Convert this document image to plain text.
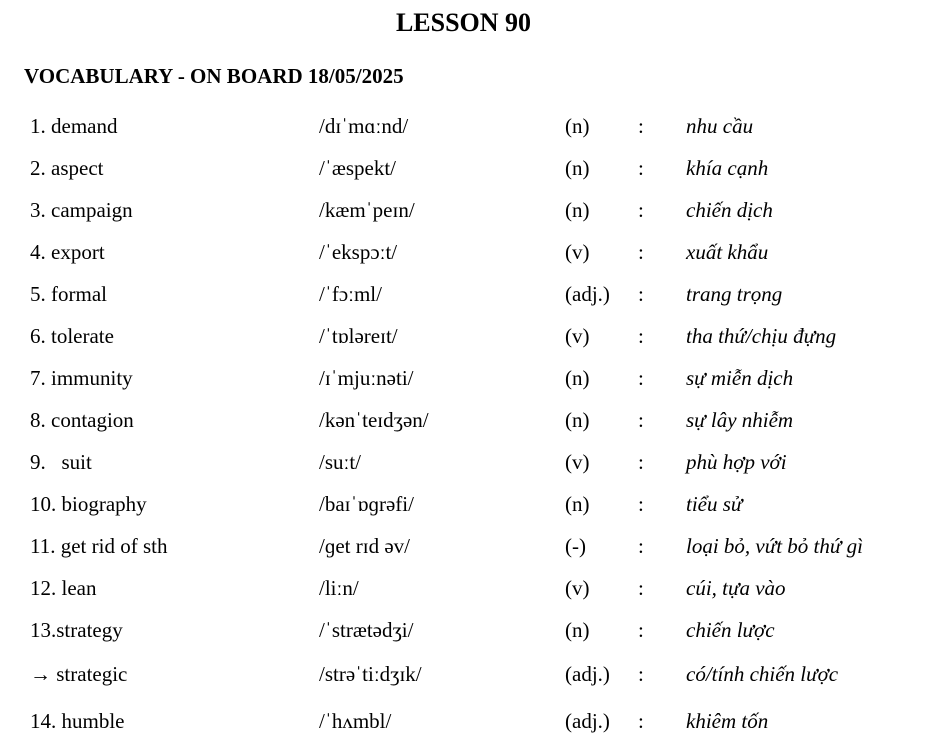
LESSON 90
VOCABULARY - ON BOARD 18/05/2025
1. demand	/dɪˈmɑːnd/	(n) : nhu cầu
2. aspect	/ˈæspekt/	(n) : khía cạnh
3. campaign	/kæmˈpeɪn/	(n) : chiến dịch
4. export	/ˈekspɔːt/	(v) : xuất khẩu
5. formal	/ˈfɔːml/	(adj.) : trang trọng
6. tolerate	/ˈtɒləreɪt/	(v) : tha thứ/chịu đựng
7. immunity	/ɪˈmjuːnəti/	(n) : sự miễn dịch
8. contagion	/kənˈteɪdʒən/	(n) : sự lây nhiễm
9.   suit	/suːt/	(v) : phù hợp với
10. biography	/baɪˈɒɡrəfi/	(n) : tiểu sử
11. get rid of sth	/ɡet rɪd əv/	(-) : loại bỏ, vứt bỏ thứ gì
12. lean	/liːn/	(v) : cúi, tựa vào
13.strategy	/ˈstrætədʒi/	(n) : chiến lược
→ strategic	/strəˈtiːdʒɪk/	(adj.) : có/tính chiến lược
14. humble	/ˈhʌmbl/	(adj.) : khiêm tốn
